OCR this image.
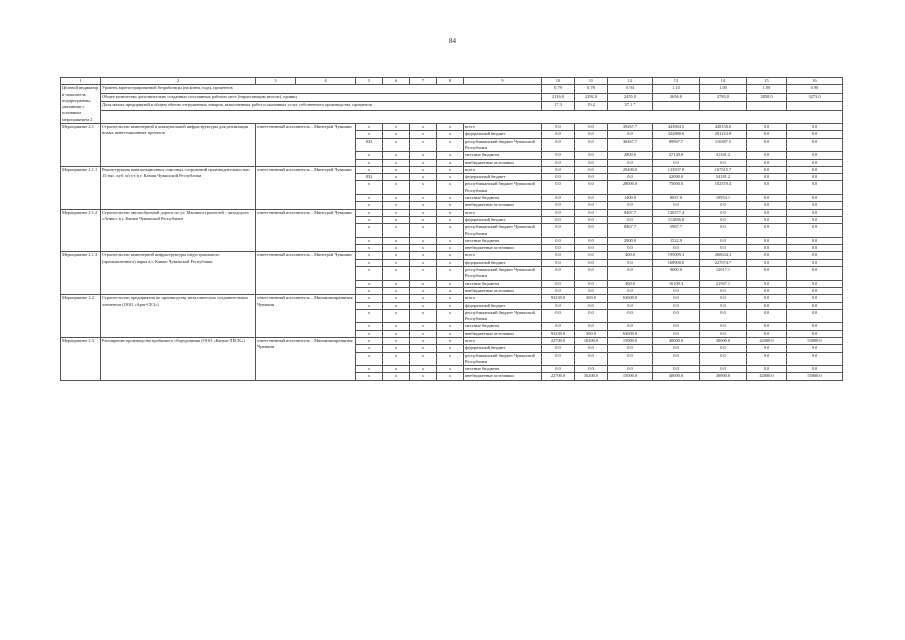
84
1	2	3	4	5	6	7	8	9	10	11	12	13	14	15	16
Целевой индикатор и показатель подпрограммы, увязанные с основным мероприятием 2	Уровень зарегистрированной безработицы (на конец года), процентов								0.79	0.78	0.94	1.10	1.00	1.00	0.90
	Общее количество дополнительно созданных постоянных рабочих мест (нарастающим итогом), единиц								2116.0	2292.0	2455.0	2656.0	2783.0	2858.0	3273.0
	Доля малых предприятий в общем объеме отгруженных товаров, выполненных работ и оказанных услуг собственного производства, процентов								17.3	19.2	37.1 *				

Мероприятие 2.1	Строительство инженерной и коммунальной инфраструктуры для реализации новых инвестиционных проектов	ответственный исполнитель – Минстрой Чувашии		x	x	x	x	всего	0.0	0.0	39267.7	443904.5	428150.0	0.0	0.0
				x	x	x	x	федеральный бюджет	0.0	0.0	0.0	322880.6	281223.8	0.0	0.0
				832	x	x	x	республиканский бюджет Чувашской Республики	0.0	0.0	36467.7	89967.7	116387.5	0.0	0.0
				x	x	x	x	местные бюджеты	0.0	0.0	2800.0	27130.0	31341.2	0.0	0.0
				x	x	x	x	внебюджетные источники	0.0	0.0	0.0	0.0	0.0	0.0	0.0
Мероприятие 2.1.1	Реконструкция канализационных очистных сооружений производительностью 15 тыс. куб. м/сут. в г. Канаш Чувашской Республики	ответственный исполнитель – Минстрой Чувашии		x	x	x	x	всего	0.0	0.0	29400.0	123937.8	167515.7	0.0	0.0
				832	x	x	x	федеральный бюджет	0.0	0.0	0.0	42090.0	54181.2	0.0	0.0
				x	x	x	x	республиканский бюджет Чувашской Республики	0.0	0.0	28000.0	75000.0	102370.4	0.0	0.0
				x	x	x	x	местные бюджеты	0.0	0.0	1400.0	8037.8	10954.1	0.0	0.0
				x	x	x	x	внебюджетные источники	0.0	0.0	0.0	0.0	0.0	0.0	0.0
Мероприятие 2.1.2	Строительство автомобильной дороги по ул. Машиностроителей – автодорога «Аниш» в г. Канаш Чувашской Республики	ответственный исполнитель – Минстрой Чувашии		x	x	x	x	всего	0.0	0.0	9467.7	130377.4	0.0	0.0	0.0
				x	x	x	x	федеральный бюджет	0.0	0.0	0.0	112856.8	0.0	0.0	0.0
				x	x	x	x	республиканский бюджет Чувашской Республики	0.0	0.0	8467.7	5967.7	0.0	0.0	0.0
				x	x	x	x	местные бюджеты	0.0	0.0	2900.0	1522.9	0.0	0.0	0.0
				x	x	x	x	внебюджетные источники	0.0	0.0	0.0	0.0	0.0	0.0	0.0
Мероприятие 2.1.3	Строительство инженерной инфраструктуры индустриального (промышленного) парка в г. Канаш Чувашской Республики	ответственный исполнитель – Минстрой Чувашии		x	x	x	x	всего	0.0	0.0	400.0	195009.3	260634.3	0.0	0.0
				x	x	x	x	федеральный бюджет	0.0	0.0	0.0	168900.0	227074.7	0.0	0.0
				x	x	x	x	республиканский бюджет Чувашской Республики	0.0	0.0	0.0	9000.0	12017.1	0.0	0.0
				x	x	x	x	местные бюджеты	0.0	0.0	400.0	16109.3	21567.1	0.0	0.0
				x	x	x	x	внебюджетные источники	0.0	0.0	0.0	0.0	0.0	0.0	0.0
Мероприятие 2.2	Строительство предприятия по производству металлических соединительных элементов (ООО «Арат-СЕЗ»)	ответственный исполнитель – Минэкономразвития Чувашии		x	x	x	x	всего	93230.0	300.0	63000.0	0.0	0.0	0.0	0.0
				x	x	x	x	федеральный бюджет	0.0	0.0	0.0	0.0	0.0	0.0	0.0
				x	x	x	x	республиканский бюджет Чувашской Республики	0.0	0.0	0.0	0.0	0.0	0.0	0.0
				x	x	x	x	местные бюджеты	0.0	0.0	0.0	0.0	0.0	0.0	0.0
				x	x	x	x	внебюджетные источники	93230.0	300.0	63000.0	0.0	0.0	0.0	0.0
Мероприятие 2.3	Расширение производства пробкового оборудования (ООО «Канаш-ЛЕСК»)	ответственный исполнитель – Минэкономразвития Чувашии		x	x	x	x	всего	22700.0	16200.0	15000.0	40000.0	30000.0	42000.0	53000.0
				x	x	x	x	федеральный бюджет	0.0	0.0	0.0	0.0	0.0	0.0	0.0
				x	x	x	x	республиканский бюджет Чувашской Республики	0.0	0.0	0.0	0.0	0.0	0.0	0.0
				x	x	x	x	местные бюджеты	0.0	0.0	0.0	0.0	0.0	0.0	0.0
				x	x	x	x	внебюджетные источники	22700.0	16200.0	15000.0	40000.0	30000.0	42000.0	53000.0
